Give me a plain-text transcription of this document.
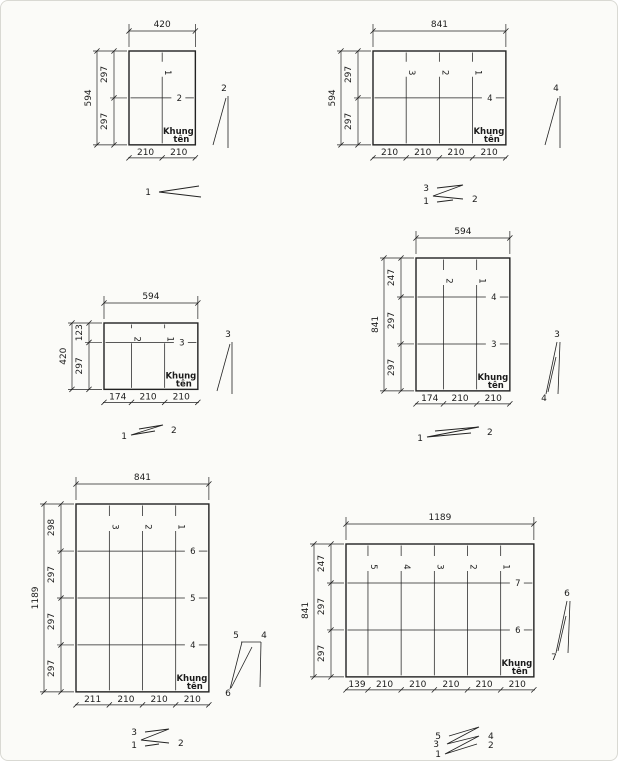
1
2
420
594
297
297
210 210
Khung
tên
2
1
3	2	1
4
841
594
297
297
210 210 210 210
Khung
tên
4
3
1	2
2	1 3
594
420
123
297
174 210 210
Khung
tên
3
1
2
2	1
4
3
594
841
247
297
297
174 210 210
Khung
tên
3
4
1
2
3	2	1
6
5
4
841
1189
298
297
297
297
211 210 210 210
Khung
tên
5 4
6
3
1	2
5	4	3	2	1
7
6
1189
841
247
297
297
139 210 210 210 210 210
Khung
tên
6
7
5
3
1
4
2
